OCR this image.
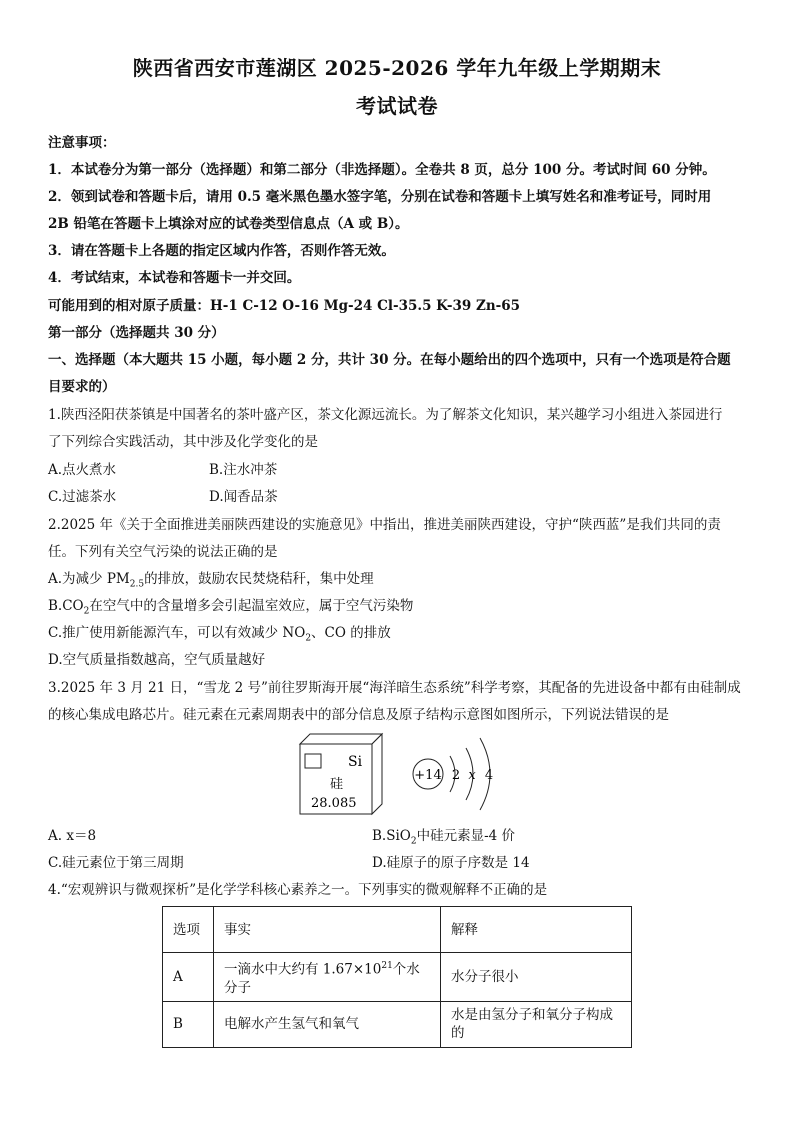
陕西省西安市莲湖区 2025-2026 学年九年级上学期期末
考试试卷
注意事项：
1．本试卷分为第一部分（选择题）和第二部分（非选择题）。全卷共 8 页，总分 100 分。考试时间 60 分钟。
2．领到试卷和答题卡后，请用 0.5 毫米黑色墨水签字笔，分别在试卷和答题卡上填写姓名和准考证号，同时用
2B 铅笔在答题卡上填涂对应的试卷类型信息点（A 或 B）。
3．请在答题卡上各题的指定区域内作答，否则作答无效。
4．考试结束，本试卷和答题卡一并交回。
可能用到的相对原子质量：H-1 C-12 O-16 Mg-24 Cl-35.5 K-39 Zn-65
第一部分（选择题共 30 分）
一、选择题（本大题共 15 小题，每小题 2 分，共计 30 分。在每小题给出的四个选项中，只有一个选项是符合题
目要求的）
1.陕西泾阳茯茶镇是中国著名的茶叶盛产区，茶文化源远流长。为了解茶文化知识，某兴趣学习小组进入茶园进行
了下列综合实践活动，其中涉及化学变化的是
A.点火煮水	B.注水冲茶
C.过滤茶水	D.闻香品茶
2.2025 年《关于全面推进美丽陕西建设的实施意见》中指出，推进美丽陕西建设，守护“陕西蓝”是我们共同的责
任。下列有关空气污染的说法正确的是
A.为减少 $PM_{2.5}$的排放，鼓励农民焚烧秸秆，集中处理
$B.CO_2$在空气中的含量增多会引起温室效应，属于空气污染物
C.推广使用新能源汽车，可以有效减少 $NO_2$、CO 的排放
D.空气质量指数越高，空气质量越好
3.2025 年 3 月 21 日，“雪龙 2 号”前往罗斯海开展“海洋暗生态系统”科学考察，其配备的先进设备中都有由硅制成
的核心集成电路芯片。硅元素在元素周期表中的部分信息及原子结构示意图如图所示，下列说法错误的是
Si
硅
28.085
+14 2 x 4
A. x＝8	B.SiO$_2$中硅元素显-4 价
C.硅元素位于第三周期	D.硅原子的原子序数是 14
4.“宏观辨识与微观探析”是化学学科核心素养之一。下列事实的微观解释不正确的是
选项	事实	解释
A	一滴水中大约有 $1.67\times 10^{21}$个水分子	水分子很小
B	电解水产生氢气和氧气	水是由氢分子和氧分子构成的
